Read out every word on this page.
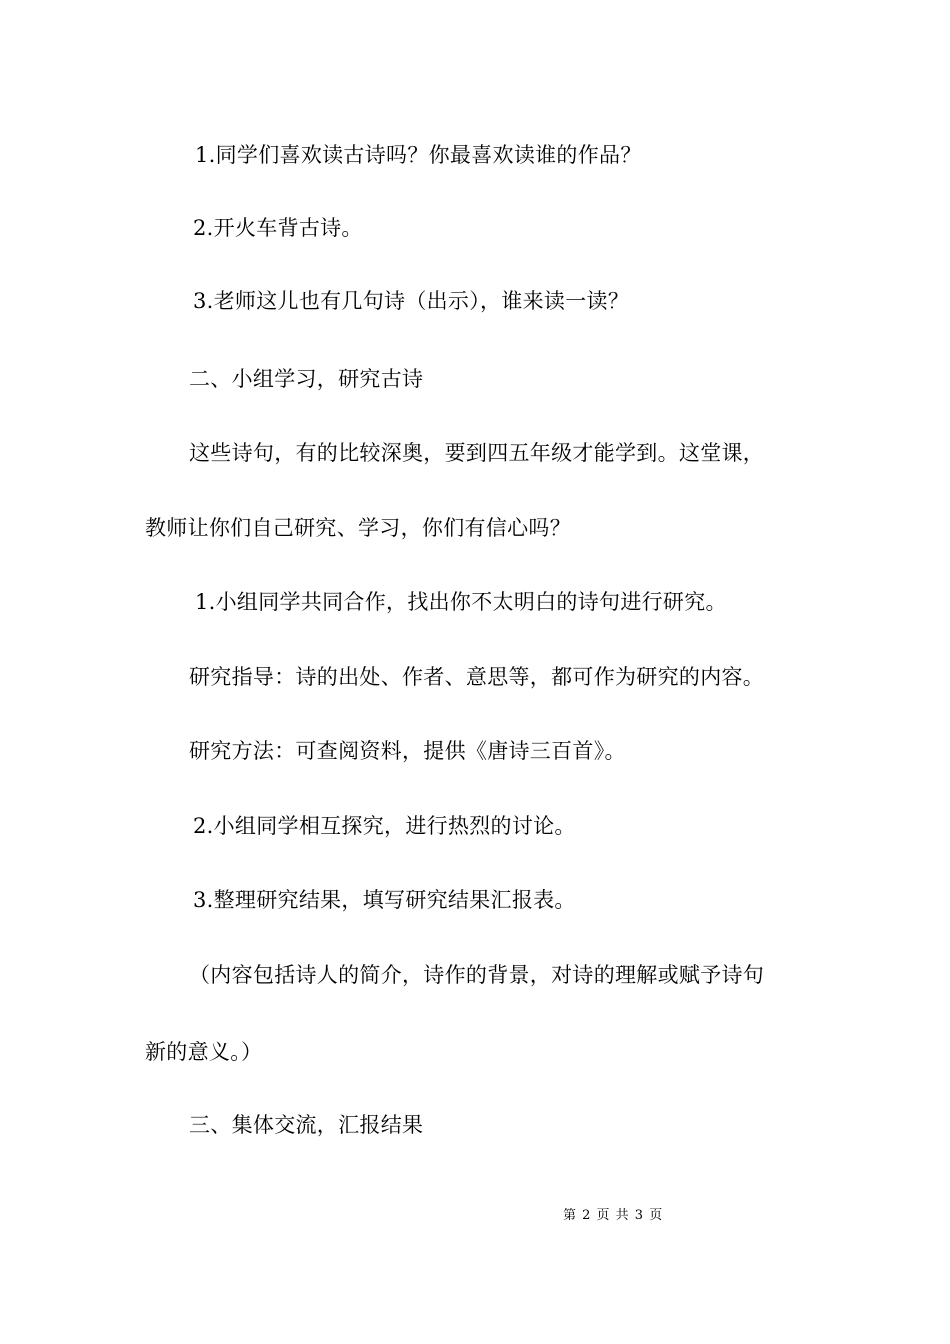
1.同学们喜欢读古诗吗？你最喜欢读谁的作品？
2.开火车背古诗。
3.老师这儿也有几句诗（出示），谁来读一读？
二、小组学习，研究古诗
这些诗句，有的比较深奥，要到四五年级才能学到。这堂课，
教师让你们自己研究、学习，你们有信心吗？
1.小组同学共同合作，找出你不太明白的诗句进行研究。
研究指导：诗的出处、作者、意思等，都可作为研究的内容。
研究方法：可查阅资料，提供《唐诗三百首》。
2.小组同学相互探究，进行热烈的讨论。
3.整理研究结果，填写研究结果汇报表。
（内容包括诗人的简介，诗作的背景，对诗的理解或赋予诗句
新的意义。）
三、集体交流，汇报结果
第 2 页 共 3 页
